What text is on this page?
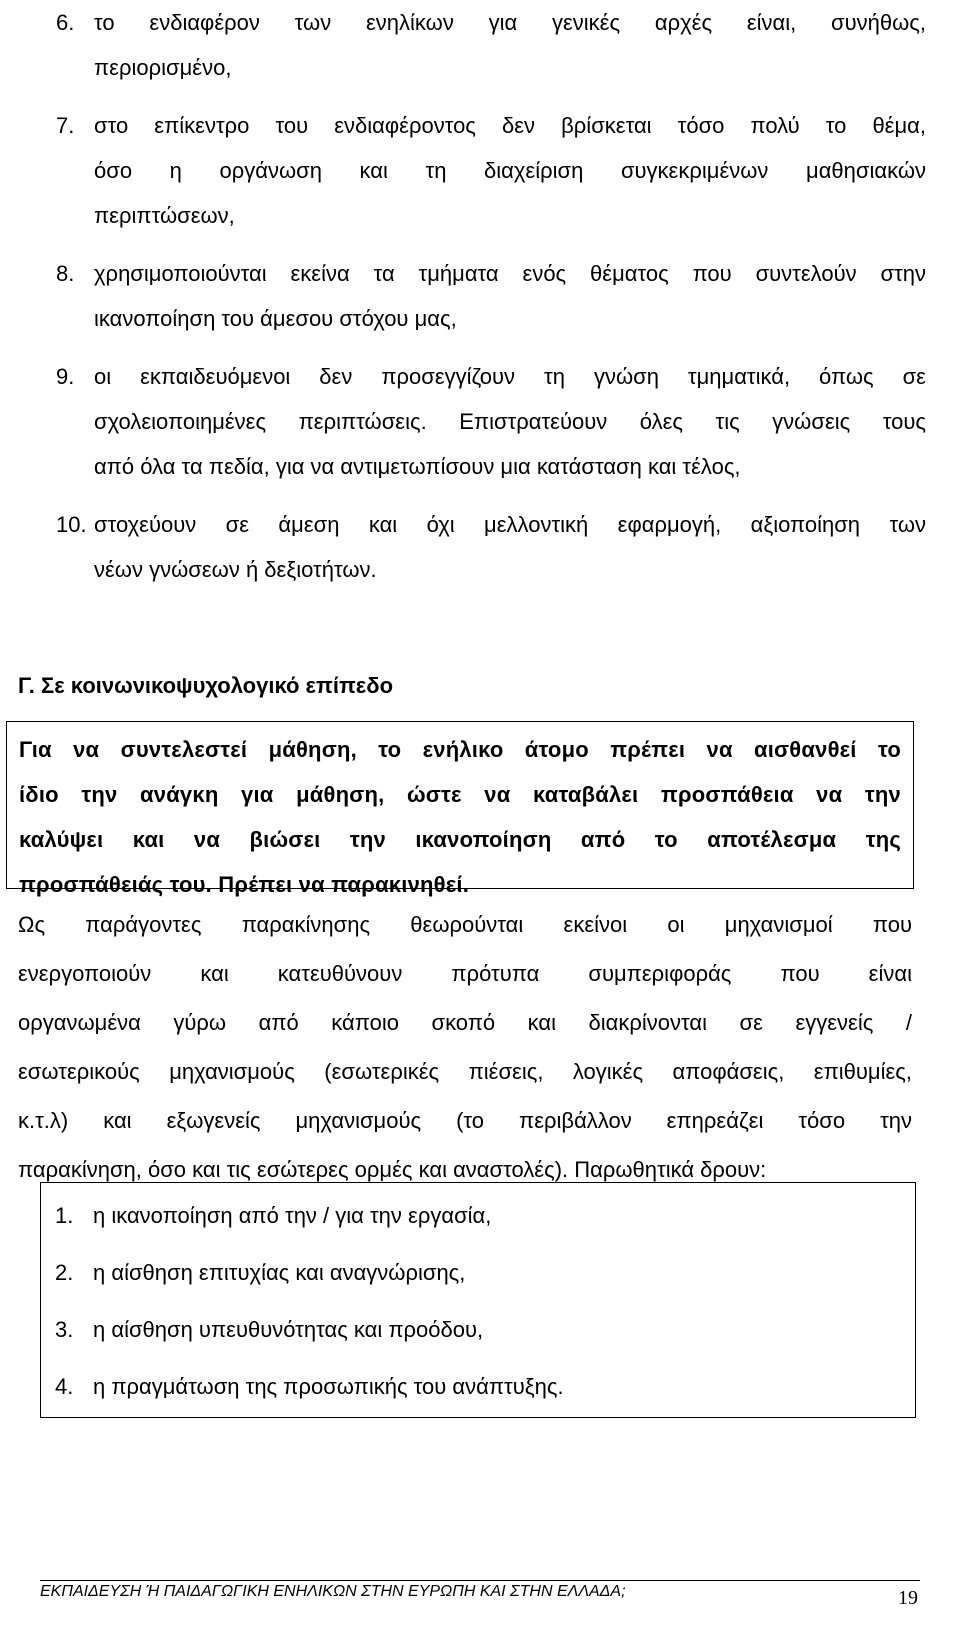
6. το ενδιαφέρον των ενηλίκων για γενικές αρχές είναι, συνήθως,
περιορισμένο,
7. στο επίκεντρο του ενδιαφέροντος δεν βρίσκεται τόσο πολύ το θέμα,
όσο η οργάνωση και τη διαχείριση συγκεκριμένων μαθησιακών
περιπτώσεων,
8. χρησιμοποιούνται εκείνα τα τμήματα ενός θέματος που συντελούν στην
ικανοποίηση του άμεσου στόχου μας,
9. οι εκπαιδευόμενοι δεν προσεγγίζουν τη γνώση τμηματικά, όπως σε
σχολειοποιημένες περιπτώσεις. Επιστρατεύουν όλες τις γνώσεις τους
από όλα τα πεδία, για να αντιμετωπίσουν μια κατάσταση και τέλος,
10. στοχεύουν σε άμεση και όχι μελλοντική εφαρμογή, αξιοποίηση των
νέων γνώσεων ή δεξιοτήτων.
Γ. Σε κοινωνικοψυχολογικό επίπεδο
Για να συντελεστεί μάθηση, το ενήλικο άτομο πρέπει να αισθανθεί το
ίδιο την ανάγκη για μάθηση, ώστε να καταβάλει προσπάθεια να την
καλύψει και να βιώσει την ικανοποίηση από το αποτέλεσμα της
προσπάθειάς του. Πρέπει να παρακινηθεί.
Ως παράγοντες παρακίνησης θεωρούνται εκείνοι οι μηχανισμοί που
ενεργοποιούν και κατευθύνουν πρότυπα συμπεριφοράς που είναι
οργανωμένα γύρω από κάποιο σκοπό και διακρίνονται σε εγγενείς /
εσωτερικούς μηχανισμούς (εσωτερικές πιέσεις, λογικές αποφάσεις, επιθυμίες,
κ.τ.λ) και εξωγενείς μηχανισμούς (το περιβάλλον επηρεάζει τόσο την
παρακίνηση, όσο και τις εσώτερες ορμές και αναστολές). Παρωθητικά δρουν:
1. η ικανοποίηση από την / για την εργασία,
2. η αίσθηση επιτυχίας και αναγνώρισης,
3. η αίσθηση υπευθυνότητας και προόδου,
4. η πραγμάτωση της προσωπικής του ανάπτυξης.
ΕΚΠΑΙΔΕΥΣΗ Ή ΠΑΙΔΑΓΩΓΙΚΗ ΕΝΗΛΙΚΩΝ ΣΤΗΝ ΕΥΡΩΠΗ ΚΑΙ ΣΤΗΝ ΕΛΛΑΔΑ;	19
